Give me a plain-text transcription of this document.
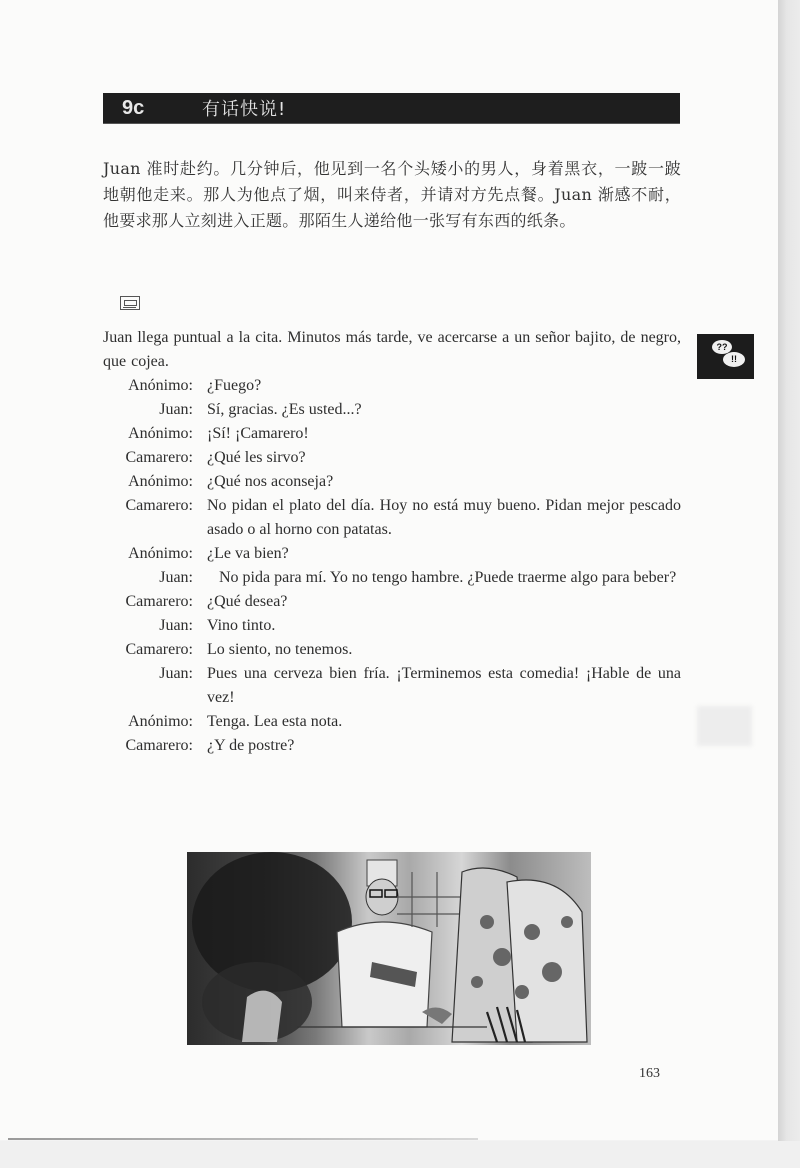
9c	有话快说!
Juan 准时赴约。几分钟后，他见到一名个头矮小的男人，身着黑衣，一跛一跛地朝他走来。那人为他点了烟，叫来侍者，并请对方先点餐。Juan 渐感不耐，他要求那人立刻进入正题。那陌生人递给他一张写有东西的纸条。
Juan llega puntual a la cita. Minutos más tarde, ve acercarse a un señor bajito, de negro, que cojea.
Anónimo: ¿Fuego?
Juan: Sí, gracias. ¿Es usted...?
Anónimo: ¡Sí! ¡Camarero!
Camarero: ¿Qué les sirvo?
Anónimo: ¿Qué nos aconseja?
Camarero: No pidan el plato del día. Hoy no está muy bueno. Pidan mejor pescado asado o al horno con patatas.
Anónimo: ¿Le va bien?
Juan:	No pida para mí. Yo no tengo hambre. ¿Puede traerme algo para beber?
Camarero: ¿Qué desea?
Juan: Vino tinto.
Camarero: Lo siento, no tenemos.
Juan: Pues una cerveza bien fría. ¡Terminemos esta comedia! ¡Hable de una vez!
Anónimo: Tenga. Lea esta nota.
Camarero: ¿Y de postre?
163
??
!!
